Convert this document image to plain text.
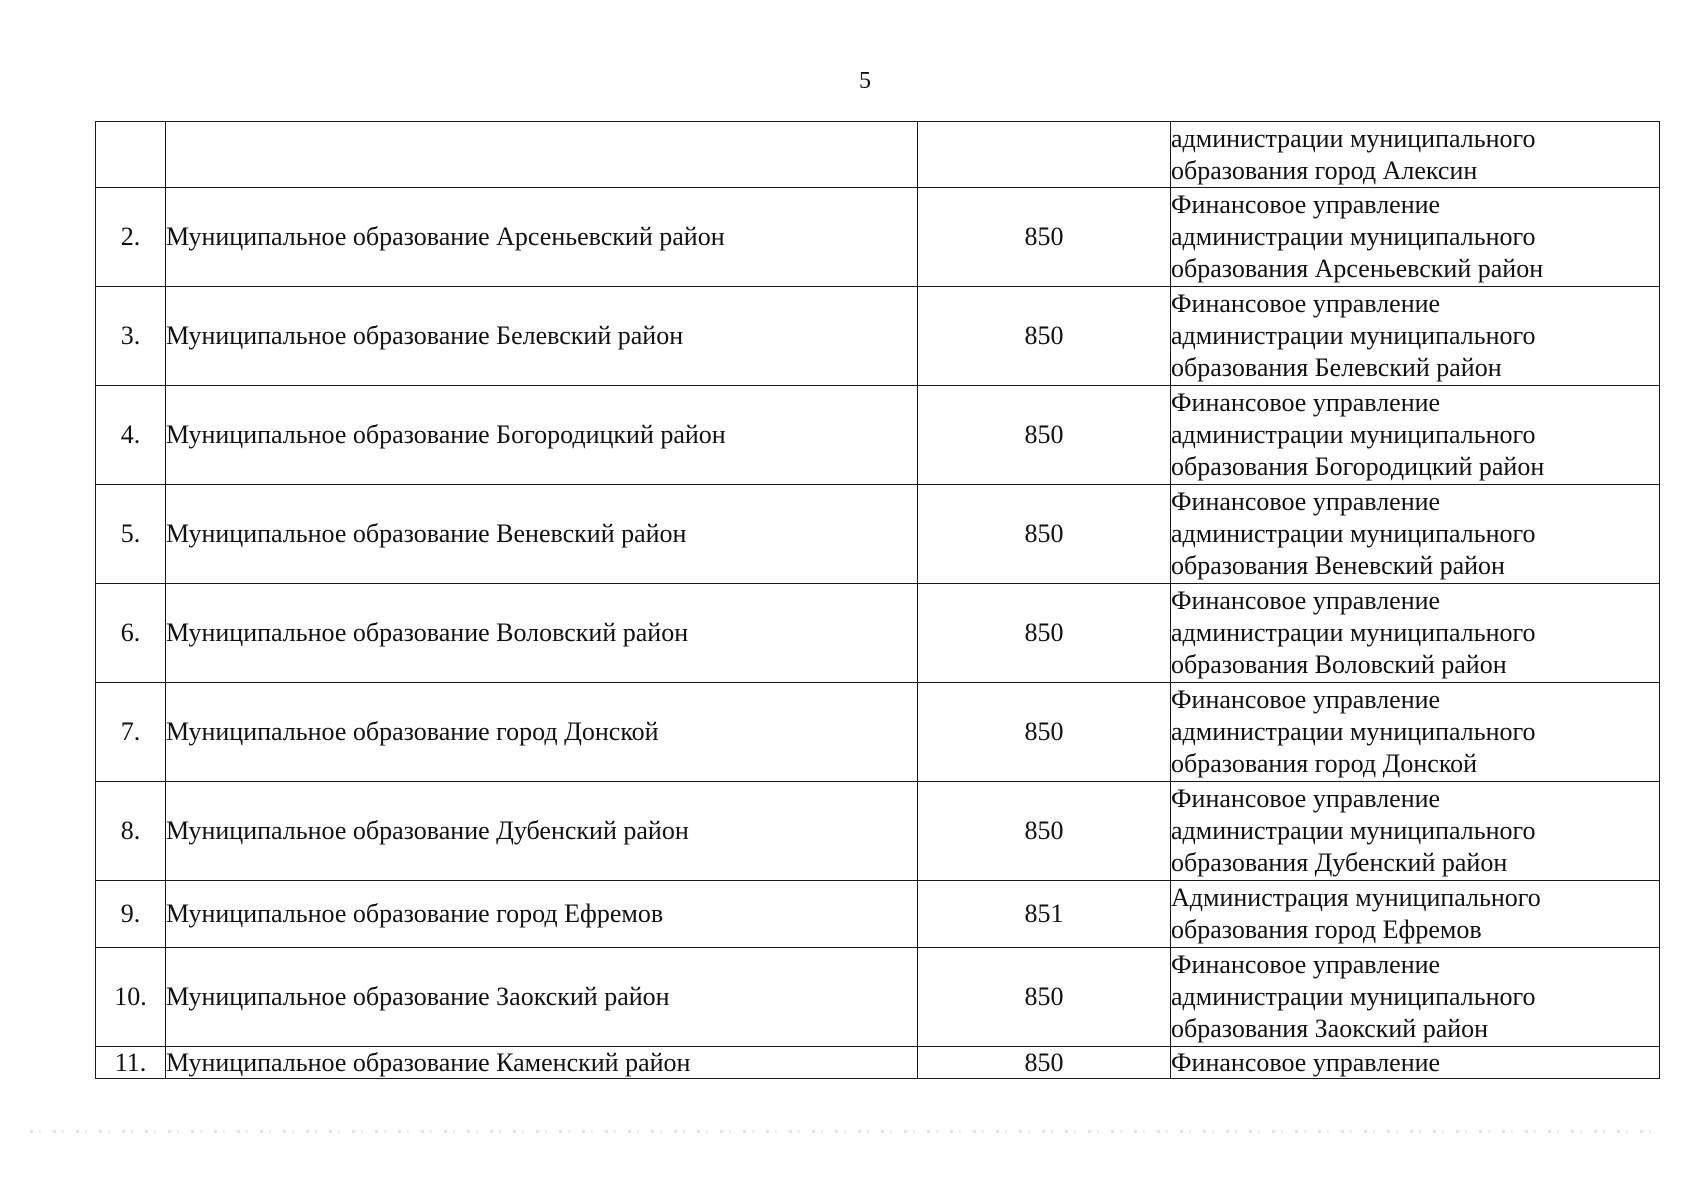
5
			администрации муниципального
образования город Алексин
2.	Муниципальное образование Арсеньевский район	850	Финансовое управление
администрации муниципального
образования Арсеньевский район
3.	Муниципальное образование Белевский район	850	Финансовое управление
администрации муниципального
образования Белевский район
4.	Муниципальное образование Богородицкий район	850	Финансовое управление
администрации муниципального
образования Богородицкий район
5.	Муниципальное образование Веневский район	850	Финансовое управление
администрации муниципального
образования Веневский район
6.	Муниципальное образование Воловский район	850	Финансовое управление
администрации муниципального
образования Воловский район
7.	Муниципальное образование город Донской	850	Финансовое управление
администрации муниципального
образования город Донской
8.	Муниципальное образование Дубенский район	850	Финансовое управление
администрации муниципального
образования Дубенский район
9.	Муниципальное образование город Ефремов	851	Администрация муниципального
образования город Ефремов
10.	Муниципальное образование Заокский район	850	Финансовое управление
администрации муниципального
образования Заокский район
11.	Муниципальное образование Каменский район	850	Финансовое управление
